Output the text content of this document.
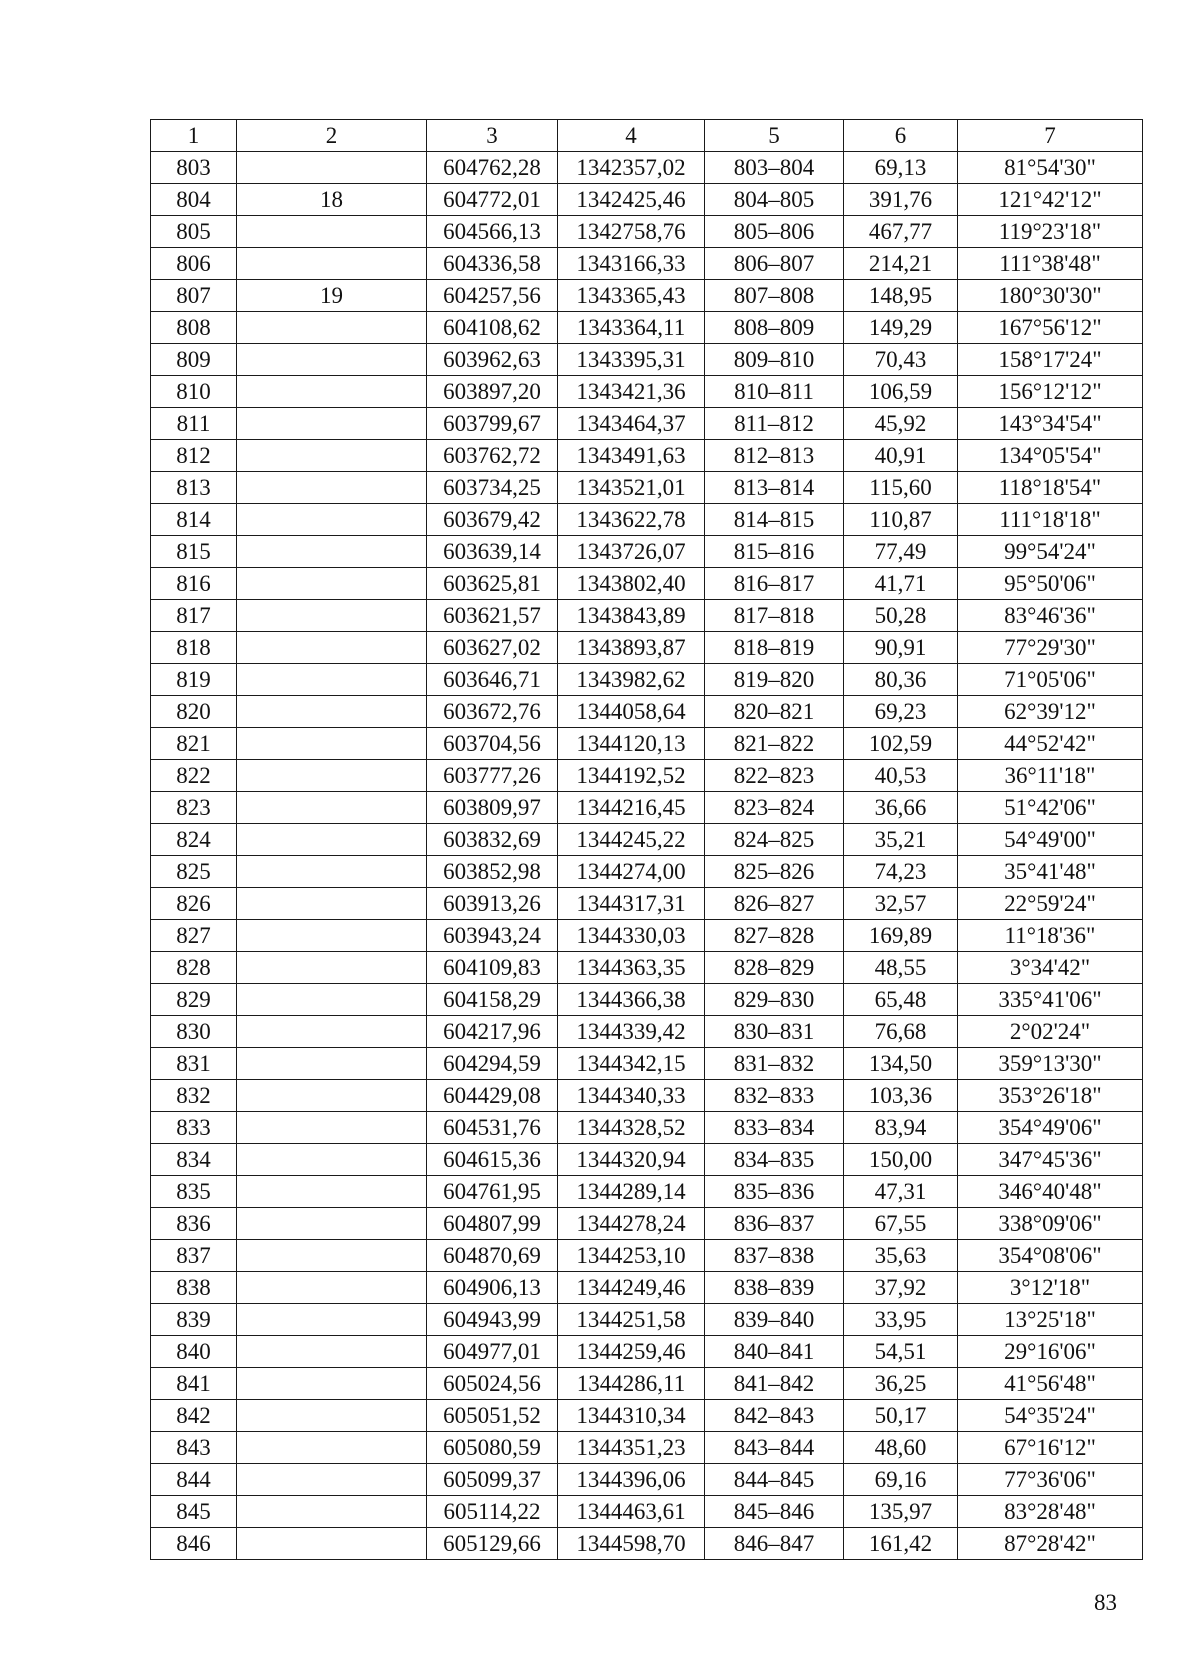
1	2	3	4	5	6	7
803		604762,28	1342357,02	803–804	69,13	81°54'30"
804	18	604772,01	1342425,46	804–805	391,76	121°42'12"
805		604566,13	1342758,76	805–806	467,77	119°23'18"
806		604336,58	1343166,33	806–807	214,21	111°38'48"
807	19	604257,56	1343365,43	807–808	148,95	180°30'30"
808		604108,62	1343364,11	808–809	149,29	167°56'12"
809		603962,63	1343395,31	809–810	70,43	158°17'24"
810		603897,20	1343421,36	810–811	106,59	156°12'12"
811		603799,67	1343464,37	811–812	45,92	143°34'54"
812		603762,72	1343491,63	812–813	40,91	134°05'54"
813		603734,25	1343521,01	813–814	115,60	118°18'54"
814		603679,42	1343622,78	814–815	110,87	111°18'18"
815		603639,14	1343726,07	815–816	77,49	99°54'24"
816		603625,81	1343802,40	816–817	41,71	95°50'06"
817		603621,57	1343843,89	817–818	50,28	83°46'36"
818		603627,02	1343893,87	818–819	90,91	77°29'30"
819		603646,71	1343982,62	819–820	80,36	71°05'06"
820		603672,76	1344058,64	820–821	69,23	62°39'12"
821		603704,56	1344120,13	821–822	102,59	44°52'42"
822		603777,26	1344192,52	822–823	40,53	36°11'18"
823		603809,97	1344216,45	823–824	36,66	51°42'06"
824		603832,69	1344245,22	824–825	35,21	54°49'00"
825		603852,98	1344274,00	825–826	74,23	35°41'48"
826		603913,26	1344317,31	826–827	32,57	22°59'24"
827		603943,24	1344330,03	827–828	169,89	11°18'36"
828		604109,83	1344363,35	828–829	48,55	3°34'42"
829		604158,29	1344366,38	829–830	65,48	335°41'06"
830		604217,96	1344339,42	830–831	76,68	2°02'24"
831		604294,59	1344342,15	831–832	134,50	359°13'30"
832		604429,08	1344340,33	832–833	103,36	353°26'18"
833		604531,76	1344328,52	833–834	83,94	354°49'06"
834		604615,36	1344320,94	834–835	150,00	347°45'36"
835		604761,95	1344289,14	835–836	47,31	346°40'48"
836		604807,99	1344278,24	836–837	67,55	338°09'06"
837		604870,69	1344253,10	837–838	35,63	354°08'06"
838		604906,13	1344249,46	838–839	37,92	3°12'18"
839		604943,99	1344251,58	839–840	33,95	13°25'18"
840		604977,01	1344259,46	840–841	54,51	29°16'06"
841		605024,56	1344286,11	841–842	36,25	41°56'48"
842		605051,52	1344310,34	842–843	50,17	54°35'24"
843		605080,59	1344351,23	843–844	48,60	67°16'12"
844		605099,37	1344396,06	844–845	69,16	77°36'06"
845		605114,22	1344463,61	845–846	135,97	83°28'48"
846		605129,66	1344598,70	846–847	161,42	87°28'42"
83
